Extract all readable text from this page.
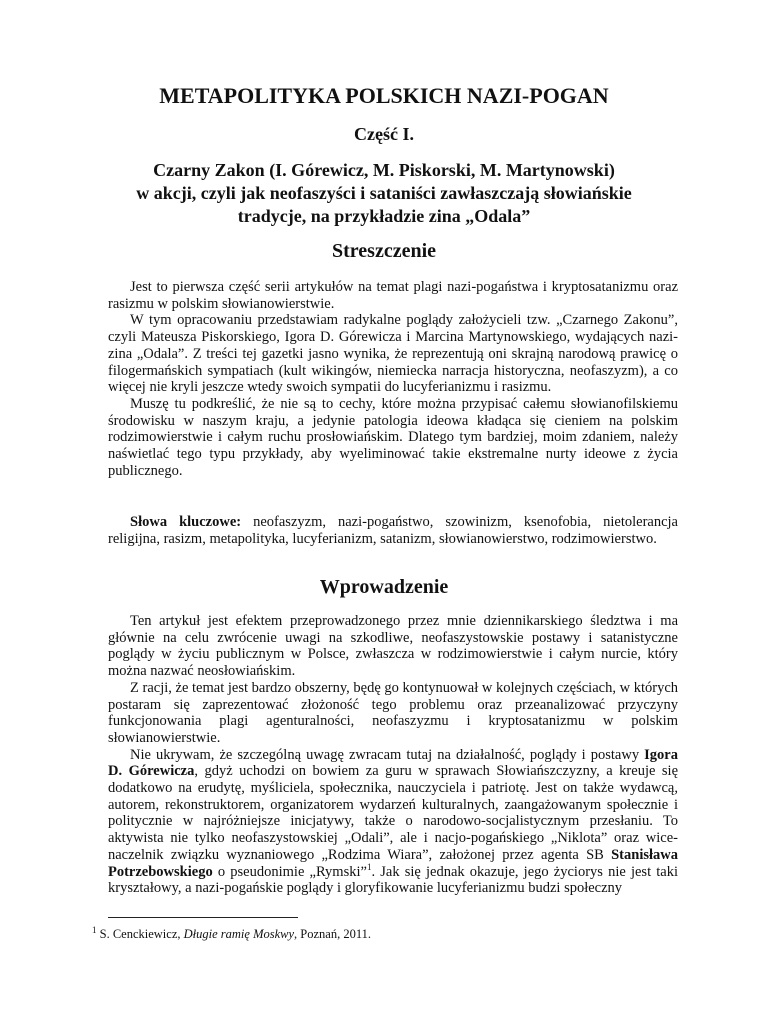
METAPOLITYKA POLSKICH NAZI-POGAN
Część I.
Czarny Zakon (I. Górewicz, M. Piskorski, M. Martynowski)
w akcji, czyli jak neofaszyści i sataniści zawłaszczają słowiańskie
tradycje, na przykładzie zina „Odala”
Streszczenie

Jest to pierwsza część serii artykułów na temat plagi nazi-pogaństwa i kryptosatanizmu oraz rasizmu w polskim słowianowierstwie.

W tym opracowaniu przedstawiam radykalne poglądy założycieli tzw. „Czarnego Zakonu”, czyli Mateusza Piskorskiego, Igora D. Górewicza i Marcina Martynowskiego, wydających nazi-zina „Odala”. Z treści tej gazetki jasno wynika, że reprezentują oni skrajną narodową prawicę o filogermańskich sympatiach (kult wikingów, niemiecka narracja historyczna, neofaszyzm), a co więcej nie kryli jeszcze wtedy swoich sympatii do lucyferianizmu i rasizmu.

Muszę tu podkreślić, że nie są to cechy, które można przypisać całemu słowianofilskiemu środowisku w naszym kraju, a jedynie patologia ideowa kładąca się cieniem na polskim rodzimowierstwie i całym ruchu prosłowiańskim. Dlatego tym bardziej, moim zdaniem, należy naświetlać tego typu przykłady, aby wyeliminować takie ekstremalne nurty ideowe z życia publicznego.

Słowa kluczowe: neofaszyzm, nazi-pogaństwo, szowinizm, ksenofobia, nietolerancja religijna, rasizm, metapolityka, lucyferianizm, satanizm, słowianowierstwo, rodzimowierstwo.

Wprowadzenie

Ten artykuł jest efektem przeprowadzonego przez mnie dziennikarskiego śledztwa i ma głównie na celu zwrócenie uwagi na szkodliwe, neofaszystowskie postawy i satanistyczne poglądy w życiu publicznym w Polsce, zwłaszcza w rodzimowierstwie i całym nurcie, który można nazwać neosłowiańskim.

Z racji, że temat jest bardzo obszerny, będę go kontynuował w kolejnych częściach, w których postaram się zaprezentować złożoność tego problemu oraz przeanalizować przyczyny funkcjonowania plagi agenturalności, neofaszyzmu i kryptosatanizmu w polskim słowianowierstwie.

Nie ukrywam, że szczególną uwagę zwracam tutaj na działalność, poglądy i postawy Igora D. Górewicza, gdyż uchodzi on bowiem za guru w sprawach Słowiańszczyzny, a kreuje się dodatkowo na erudytę, myśliciela, społecznika, nauczyciela i patriotę. Jest on także wydawcą, autorem, rekonstruktorem, organizatorem wydarzeń kulturalnych, zaangażowanym społecznie i politycznie w najróżniejsze inicjatywy, także o narodowo-socjalistycznym przesłaniu. To aktywista nie tylko neofaszystowskiej „Odali”, ale i nacjo-pogańskiego „Niklota” oraz wice-naczelnik związku wyznaniowego „Rodzima Wiara”, założonej przez agenta SB Stanisława Potrzebowskiego o pseudonimie „Rymski”$^1$. Jak się jednak okazuje, jego życiorys nie jest taki kryształowy, a nazi-pogańskie poglądy i gloryfikowanie lucyferianizmu budzi społeczny

$^1$ S. Cenckiewicz, Długie ramię Moskwy, Poznań, 2011.
